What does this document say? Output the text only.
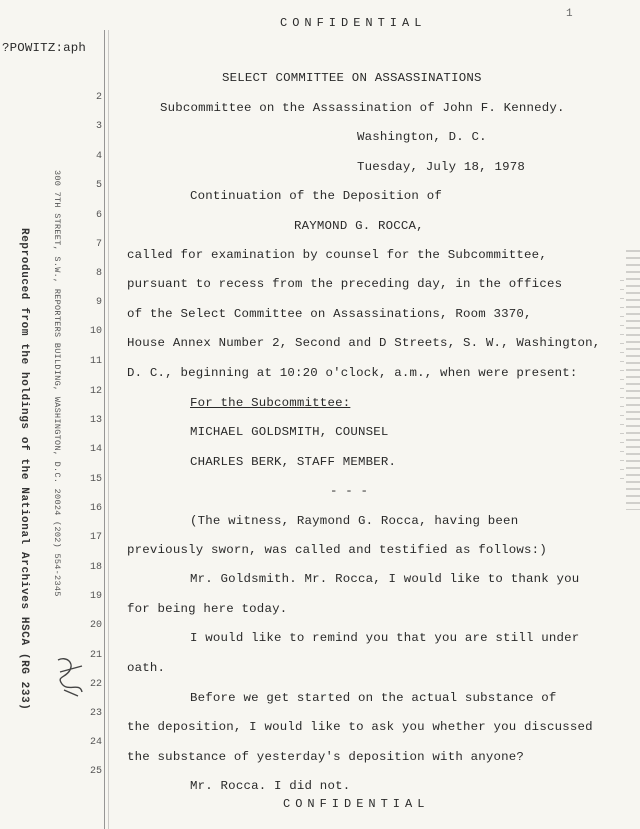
CONFIDENTIAL
1
?POWITZ:aph
Reproduced from the holdings of the National Archives HSCA (RG 233)	300 7TH STREET, S.W., REPORTERS BUILDING, WASHINGTON, D.C. 20024 (202) 554-2345
2
3
4
5
6
7
8
9
10
11
12
13
14
15
16
17
18
19
20
21
22
23
24
25
SELECT COMMITTEE ON ASSASSINATIONS
Subcommittee on the Assassination of John F. Kennedy.
Washington, D. C.
Tuesday, July 18, 1978
Continuation of the Deposition of
RAYMOND G. ROCCA,
called for examination by counsel for the Subcommittee,
pursuant to recess from the preceding day, in the offices
of the Select Committee on Assassinations, Room 3370,
House Annex Number 2, Second and D Streets, S. W., Washington,
D. C., beginning at 10:20 o'clock, a.m., when were present:
For the Subcommittee:
MICHAEL GOLDSMITH, COUNSEL
CHARLES BERK, STAFF MEMBER.
- - -
(The witness, Raymond G. Rocca, having been
previously sworn, was called and testified as follows:)
Mr. Goldsmith. Mr. Rocca, I would like to thank you
for being here today.
I would like to remind you that you are still under
oath.
Before we get started on the actual substance of
the deposition, I would like to ask you whether you discussed
the substance of yesterday's deposition with anyone?
Mr. Rocca. I did not.
CONFIDENTIAL
